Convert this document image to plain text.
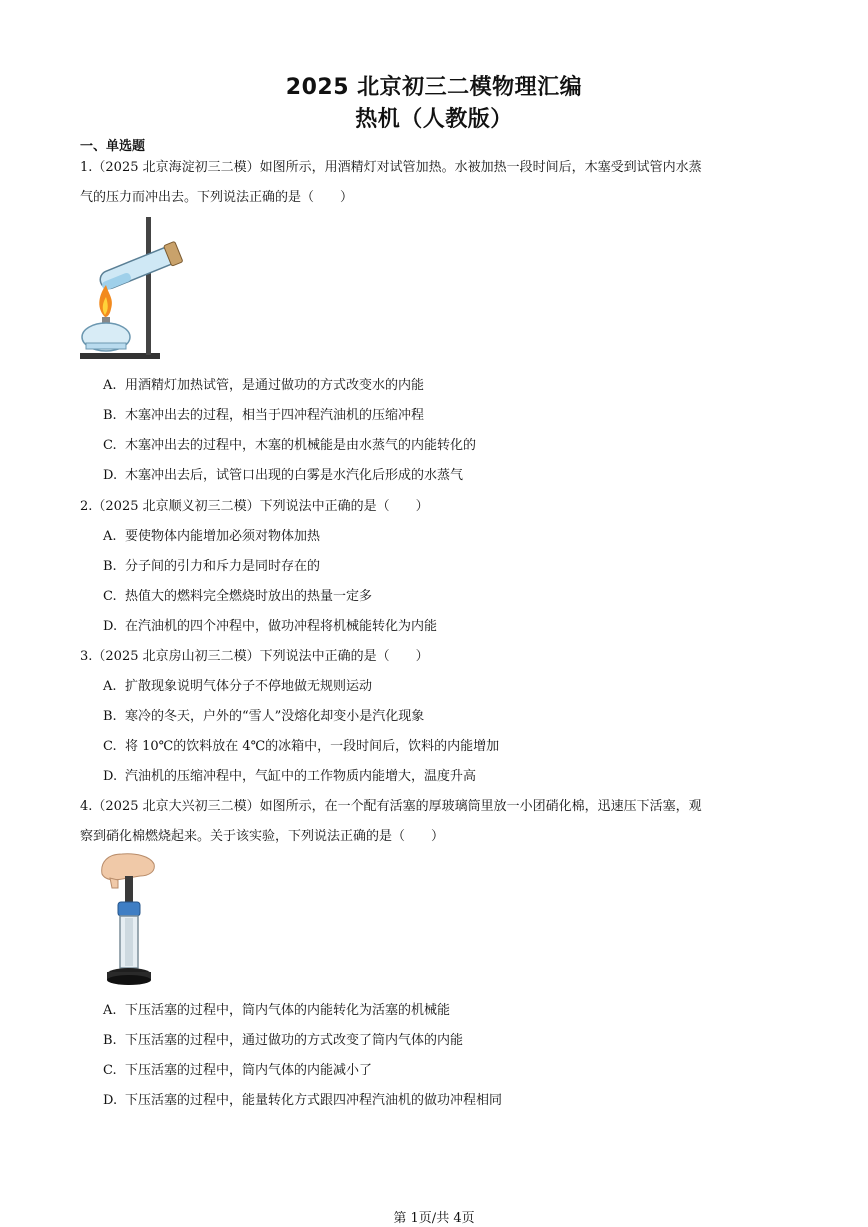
2025 北京初三二模物理汇编
热机（人教版）
一、单选题
1.（2025 北京海淀初三二模）如图所示，用酒精灯对试管加热。水被加热一段时间后，木塞受到试管内水蒸
气的压力而冲出去。下列说法正确的是（　　）
A. 用酒精灯加热试管，是通过做功的方式改变水的内能
B. 木塞冲出去的过程，相当于四冲程汽油机的压缩冲程
C. 木塞冲出去的过程中，木塞的机械能是由水蒸气的内能转化的
D. 木塞冲出去后，试管口出现的白雾是水汽化后形成的水蒸气
2.（2025 北京顺义初三二模）下列说法中正确的是（　　）
A. 要使物体内能增加必须对物体加热
B. 分子间的引力和斥力是同时存在的
C. 热值大的燃料完全燃烧时放出的热量一定多
D. 在汽油机的四个冲程中，做功冲程将机械能转化为内能
3.（2025 北京房山初三二模）下列说法中正确的是（　　）
A. 扩散现象说明气体分子不停地做无规则运动
B. 寒冷的冬天，户外的“雪人”没熔化却变小是汽化现象
C. 将 10℃的饮料放在 4℃的冰箱中，一段时间后，饮料的内能增加
D. 汽油机的压缩冲程中，气缸中的工作物质内能增大，温度升高
4.（2025 北京大兴初三二模）如图所示，在一个配有活塞的厚玻璃筒里放一小团硝化棉，迅速压下活塞，观
察到硝化棉燃烧起来。关于该实验，下列说法正确的是（　　）
A. 下压活塞的过程中，筒内气体的内能转化为活塞的机械能
B. 下压活塞的过程中，通过做功的方式改变了筒内气体的内能
C. 下压活塞的过程中，筒内气体的内能减小了
D. 下压活塞的过程中，能量转化方式跟四冲程汽油机的做功冲程相同
第 1页/共 4页
